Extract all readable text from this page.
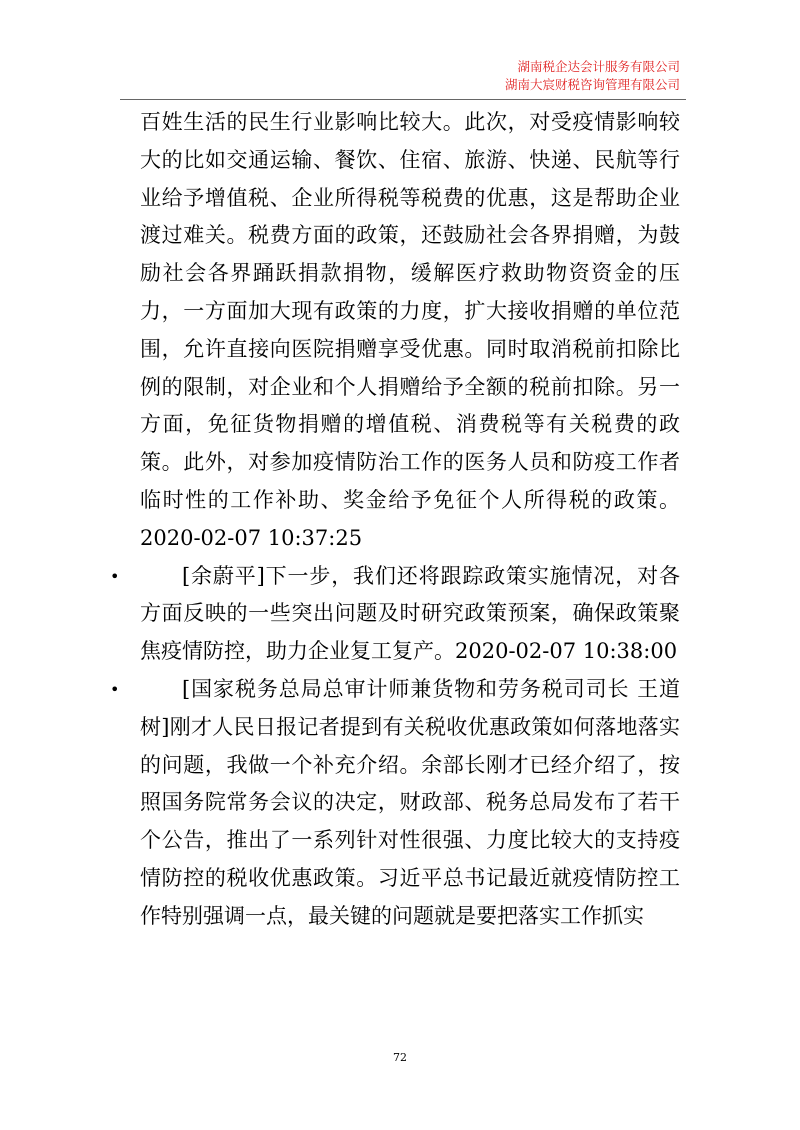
湖南税企达会计服务有限公司
湖南大宸财税咨询管理有限公司

百姓生活的民生行业影响比较大。此次，对受疫情影响较大的比如交通运输、餐饮、住宿、旅游、快递、民航等行业给予增值税、企业所得税等税费的优惠，这是帮助企业渡过难关。税费方面的政策，还鼓励社会各界捐赠，为鼓励社会各界踊跃捐款捐物，缓解医疗救助物资资金的压力，一方面加大现有政策的力度，扩大接收捐赠的单位范围，允许直接向医院捐赠享受优惠。同时取消税前扣除比例的限制，对企业和个人捐赠给予全额的税前扣除。另一方面，免征货物捐赠的增值税、消费税等有关税费的政策。此外，对参加疫情防治工作的医务人员和防疫工作者临时性的工作补助、奖金给予免征个人所得税的政策。2020-02-07 10:37:25

•	[余蔚平]下一步，我们还将跟踪政策实施情况，对各方面反映的一些突出问题及时研究政策预案，确保政策聚焦疫情防控，助力企业复工复产。2020-02-07 10:38:00

•	[国家税务总局总审计师兼货物和劳务税司司长 王道树]刚才人民日报记者提到有关税收优惠政策如何落地落实的问题，我做一个补充介绍。余部长刚才已经介绍了，按照国务院常务会议的决定，财政部、税务总局发布了若干个公告，推出了一系列针对性很强、力度比较大的支持疫情防控的税收优惠政策。习近平总书记最近就疫情防控工作特别强调一点，最关键的问题就是要把落实工作抓实

72
